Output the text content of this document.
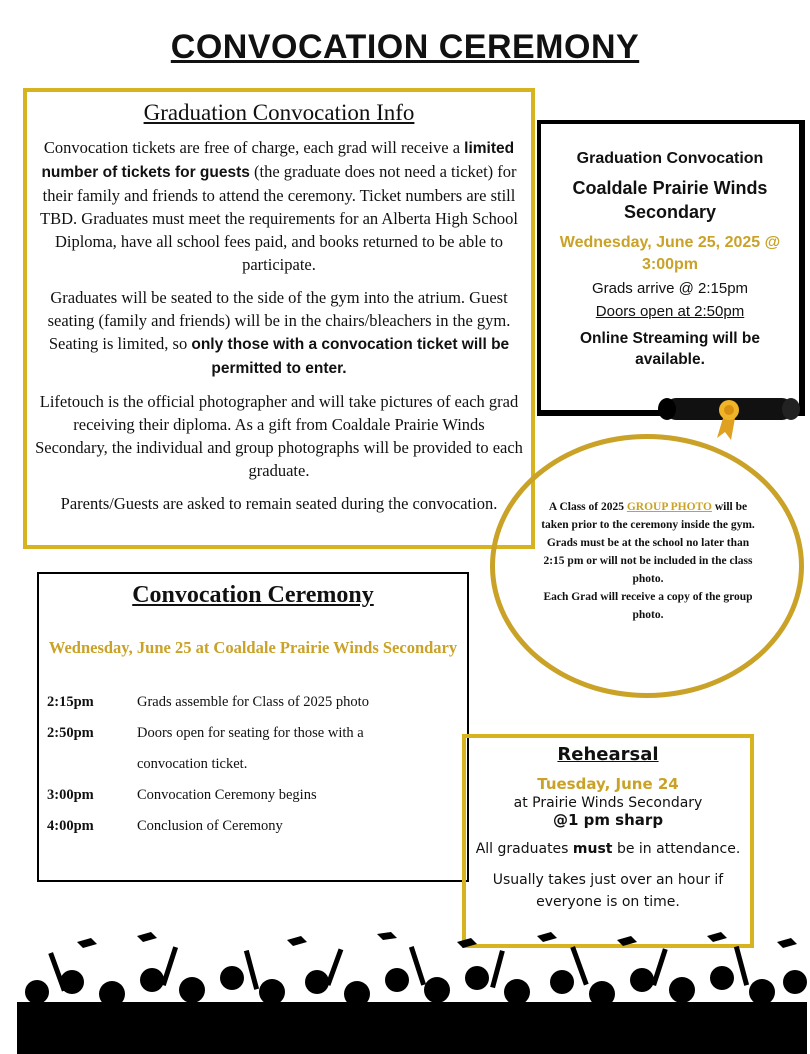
CONVOCATION CEREMONY
Graduation Convocation Info

Convocation tickets are free of charge, each grad will receive a limited number of tickets for guests (the graduate does not need a ticket) for their family and friends to attend the ceremony. Ticket numbers are still TBD. Graduates must meet the requirements for an Alberta High School Diploma, have all school fees paid, and books returned to be able to participate.

Graduates will be seated to the side of the gym into the atrium. Guest seating (family and friends) will be in the chairs/bleachers in the gym. Seating is limited, so only those with a convocation ticket will be permitted to enter.

Lifetouch is the official photographer and will take pictures of each grad receiving their diploma. As a gift from Coaldale Prairie Winds Secondary, the individual and group photographs will be provided to each graduate.

Parents/Guests are asked to remain seated during the convocation.

Graduation Convocation
Coaldale Prairie Winds Secondary
Wednesday, June 25, 2025 @ 3:00pm
Grads arrive @ 2:15pm
Doors open at 2:50pm
Online Streaming will be available.
A Class of 2025 GROUP PHOTO will be taken prior to the ceremony inside the gym. Grads must be at the school no later than 2:15 pm or will not be included in the class photo.
Each Grad will receive a copy of the group photo.
Convocation Ceremony
Wednesday, June 25 at Coaldale Prairie Winds Secondary
2:15pm	Grads assemble for Class of 2025 photo
2:50pm	Doors open for seating for those with a
convocation ticket.
3:00pm	Convocation Ceremony begins
4:00pm	Conclusion of Ceremony
Rehearsal
Tuesday, June 24
at Prairie Winds Secondary
@1 pm sharp
All graduates must be in attendance.
Usually takes just over an hour if everyone is on time.
